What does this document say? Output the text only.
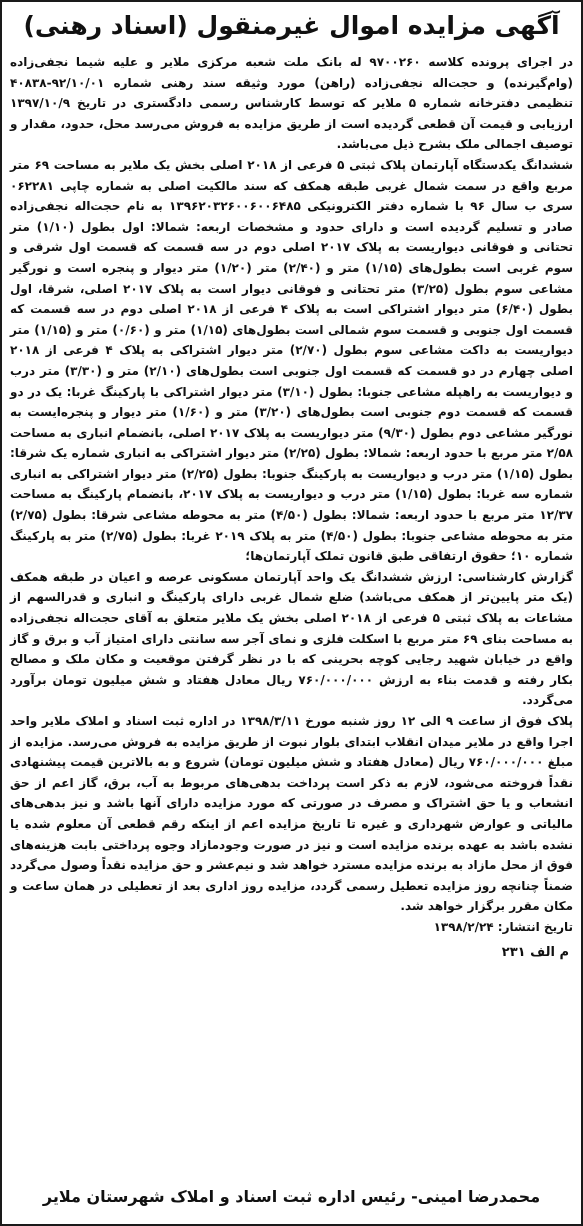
آگهی مزایده اموال غیرمنقول (اسناد رهنی)

در اجرای پرونده کلاسه ۹۷۰۰۲۶۰ له بانک ملت شعبه مرکزی ملایر و علیه شیما نجفی‌زاده (وام‌گیرنده) و حجت‌اله نجفی‌زاده (راهن) مورد وثیقه سند رهنی شماره ۹۲/۱۰/۰۱-۴۰۸۳۸ تنظیمی دفترخانه شماره ۵ ملایر که توسط کارشناس رسمی دادگستری در تاریخ ۱۳۹۷/۱۰/۹ ارزیابی و قیمت آن قطعی گردیده است از طریق مزایده به فروش می‌رسد محل، حدود، مقدار و توصیف اجمالی ملک بشرح ذیل می‌باشد.

ششدانگ یکدستگاه آپارتمان پلاک ثبتی ۵ فرعی از ۲۰۱۸ اصلی بخش یک ملایر به مساحت ۶۹ متر مربع واقع در سمت شمال غربی طبقه همکف که سند مالکیت اصلی به شماره چاپی ۰۶۲۲۸۱ سری ب سال ۹۶ با شماره دفتر الکترونیکی ۱۳۹۶۲۰۳۲۶۰۰۶۰۰۶۴۸۵ به نام حجت‌اله نجفی‌زاده صادر و تسلیم گردیده است و دارای حدود و مشخصات اربعه: شمالا: اول بطول (۱/۱۰) متر تحتانی و فوقانی دیواریست به پلاک ۲۰۱۷ اصلی دوم در سه قسمت که قسمت اول شرقی و سوم غربی است بطول‌های (۱/۱۵) متر و (۲/۴۰) متر (۱/۲۰) متر دیوار و پنجره است و نورگیر مشاعی سوم بطول (۳/۲۵) متر تحتانی و فوقانی دیوار است به پلاک ۲۰۱۷ اصلی، شرقا، اول بطول (۶/۴۰) متر دیوار اشتراکی است به پلاک ۴ فرعی از ۲۰۱۸ اصلی دوم در سه قسمت که قسمت اول جنوبی و قسمت سوم شمالی است بطول‌های (۱/۱۵) متر و (۰/۶۰) متر و (۱/۱۵) متر دیواریست به داکت مشاعی سوم بطول (۲/۷۰) متر دیوار اشتراکی به پلاک ۴ فرعی از ۲۰۱۸ اصلی چهارم در دو قسمت که قسمت اول جنوبی است بطول‌های (۲/۱۰) متر و (۳/۳۰) متر درب و دیواریست به راهپله مشاعی جنوبا: بطول (۳/۱۰) متر دیوار اشتراکی با پارکینگ غربا: یک در دو قسمت که قسمت دوم جنوبی است بطول‌های (۳/۲۰) متر و (۱/۶۰) متر دیوار و پنجره‌ایست به نورگیر مشاعی دوم بطول (۹/۳۰) متر دیواریست به پلاک ۲۰۱۷ اصلی، بانضمام انباری به مساحت ۲/۵۸ متر مربع با حدود اربعه: شمالا: بطول (۲/۲۵) متر دیوار اشتراکی به انباری شماره یک شرقا: بطول (۱/۱۵) متر درب و دیواریست به پارکینگ جنوبا: بطول (۲/۲۵) متر دیوار اشتراکی به انباری شماره سه غربا: بطول (۱/۱۵) متر درب و دیواریست به پلاک ۲۰۱۷، بانضمام پارکینگ به مساحت ۱۲/۳۷ متر مربع با حدود اربعه: شمالا: بطول (۴/۵۰) متر به محوطه مشاعی شرقا: بطول (۲/۷۵) متر به محوطه مشاعی جنوبا: بطول (۴/۵۰) متر به پلاک ۲۰۱۹ غربا: بطول (۲/۷۵) متر به پارکینگ شماره ۱۰؛ حقوق ارتفاقی طبق قانون تملک آپارتمان‌ها؛

گزارش کارشناسی: ارزش ششدانگ یک واحد آپارتمان مسکونی عرصه و اعیان در طبقه همکف (یک متر پایین‌تر از همکف می‌باشد) ضلع شمال غربی دارای پارکینگ و انباری و قدرالسهم از مشاعات به پلاک ثبتی ۵ فرعی از ۲۰۱۸ اصلی بخش یک ملایر متعلق به آقای حجت‌اله نجفی‌زاده به مساحت بنای ۶۹ متر مربع با اسکلت فلزی و نمای آجر سه سانتی دارای امتیاز آب و برق و گاز واقع در خیابان شهید رجایی کوچه بحرینی که با در نظر گرفتن موقعیت و مکان ملک و مصالح بکار رفته و قدمت بناء به ارزش ۷۶۰/۰۰۰/۰۰۰ ریال معادل هفتاد و شش میلیون تومان برآورد می‌گردد.

پلاک فوق از ساعت ۹ الی ۱۲ روز شنبه مورخ ۱۳۹۸/۳/۱۱ در اداره ثبت اسناد و املاک ملایر واحد اجرا واقع در ملایر میدان انقلاب ابتدای بلوار نبوت از طریق مزایده به فروش می‌رسد. مزایده از مبلغ ۷۶۰/۰۰۰/۰۰۰ ریال (معادل هفتاد و شش میلیون تومان) شروع و به بالاترین قیمت پیشنهادی نقداً فروخته می‌شود، لازم به ذکر است پرداخت بدهی‌های مربوط به آب، برق، گاز اعم از حق انشعاب و یا حق اشتراک و مصرف در صورتی که مورد مزایده دارای آنها باشد و نیز بدهی‌های مالیاتی و عوارض شهرداری و غیره تا تاریخ مزایده اعم از اینکه رقم قطعی آن معلوم شده یا نشده باشد به عهده برنده مزایده است و نیز در صورت وجودمازاد وجوه پرداختی بابت هزینه‌های فوق از محل مازاد به برنده مزایده مسترد خواهد شد و نیم‌عشر و حق مزایده نقداً وصول می‌گردد ضمناً چنانچه روز مزایده تعطیل رسمی گردد، مزایده روز اداری بعد از تعطیلی در همان ساعت و مکان مقرر برگزار خواهد شد.

تاریخ انتشار: ۱۳۹۸/۲/۲۴

م الف ۲۳۱
محمدرضا امینی- رئیس اداره ثبت اسناد و املاک شهرستان ملایر
